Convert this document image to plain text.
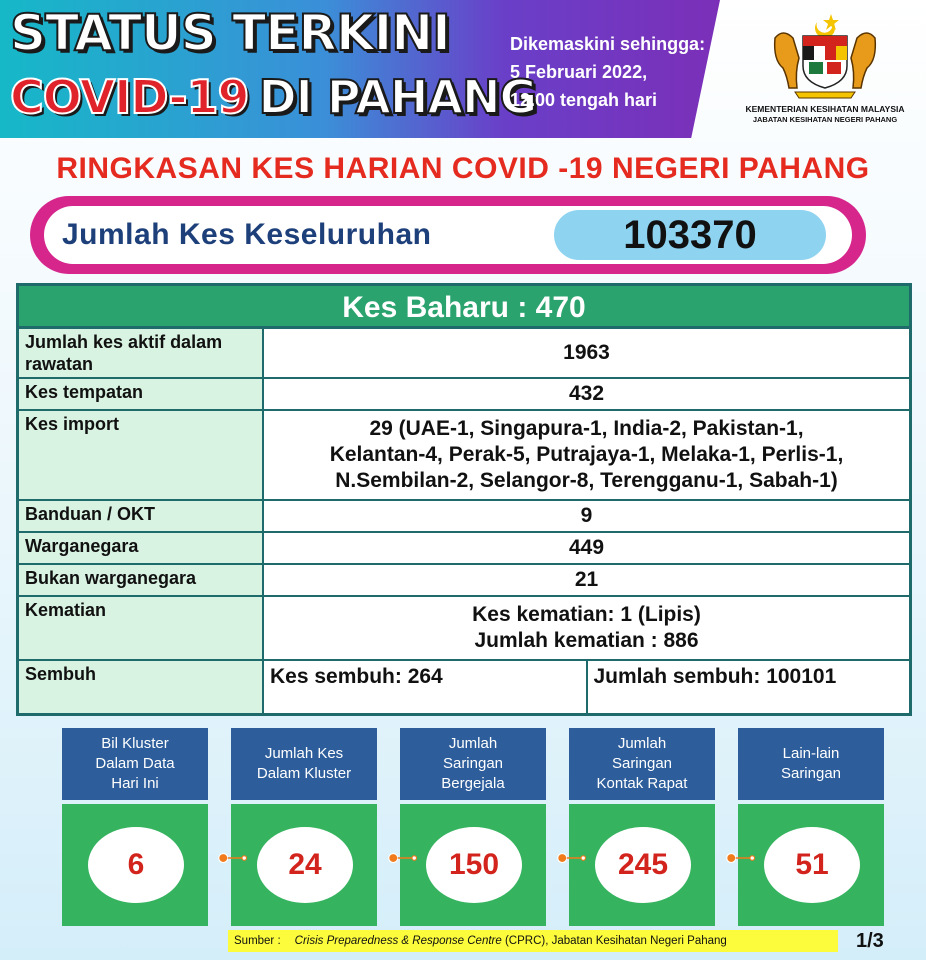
STATUS TERKINI
COVID-19 DI PAHANG
Dikemaskini sehingga:
5 Februari 2022,
12.00 tengah hari	KEMENTERIAN KESIHATAN MALAYSIA
JABATAN KESIHATAN NEGERI PAHANG
RINGKASAN KES HARIAN COVID -19 NEGERI PAHANG
Jumlah Kes Keseluruhan	103370
Kes Baharu : 470
Jumlah kes aktif dalam rawatan	1963
Kes tempatan	432
Kes import	29 (UAE-1, Singapura-1, India-2, Pakistan-1,
Kelantan-4, Perak-5, Putrajaya-1, Melaka-1, Perlis-1,
N.Sembilan-2, Selangor-8, Terengganu-1, Sabah-1)
Banduan / OKT	9
Warganegara	449
Bukan warganegara	21
Kematian	Kes kematian: 1 (Lipis)
Jumlah kematian : 886
Sembuh	Kes sembuh: 264	Jumlah sembuh: 100101
Bil Kluster
Dalam Data
Hari Ini
6
Jumlah Kes
Dalam Kluster
24
Jumlah
Saringan
Bergejala
150
Jumlah
Saringan
Kontak Rapat
245
Lain-lain
Saringan
51
Sumber : Crisis Preparedness & Response Centre (CPRC), Jabatan Kesihatan Negeri Pahang	1/3
